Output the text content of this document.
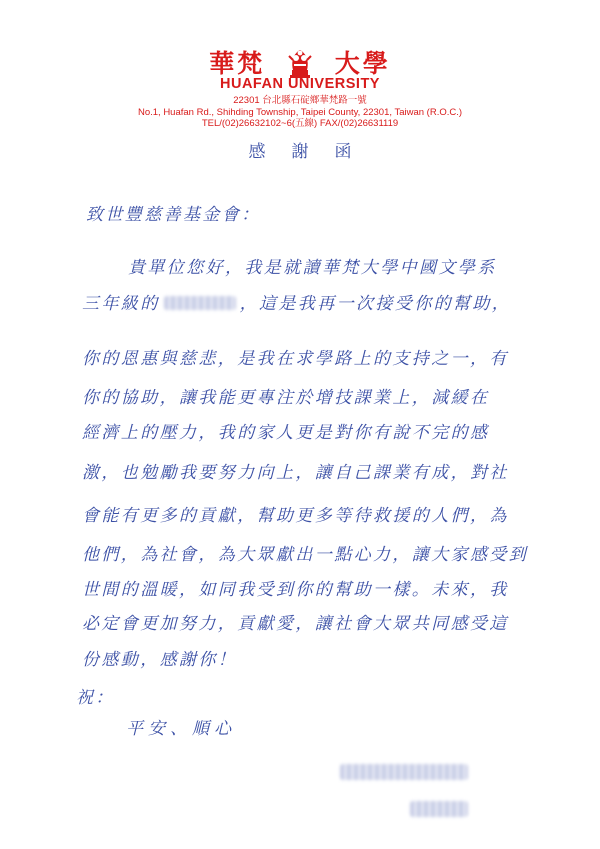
華梵	大學
HUAFAN UNIVERSITY
22301 台北縣石碇鄉華梵路一號
No.1, Huafan Rd., Shihding Township, Taipei County, 22301, Taiwan (R.O.C.)
TEL/(02)26632102~6(五線) FAX/(02)26631119
感謝函
致世豐慈善基金會：
貴單位您好，我是就讀華梵大學中國文學系
三年級的	，這是我再一次接受你的幫助，
你的恩惠與慈悲，是我在求學路上的支持之一，有
你的協助，讓我能更專注於增技課業上，減緩在
經濟上的壓力，我的家人更是對你有說不完的感
激，也勉勵我要努力向上，讓自己課業有成，對社
會能有更多的貢獻，幫助更多等待救援的人們，為
他們，為社會，為大眾獻出一點心力，讓大家感受到
世間的溫暖，如同我受到你的幫助一樣。未來，我
必定會更加努力，貢獻愛，讓社會大眾共同感受這
份感動，感謝你！
祝：
平安、順心
